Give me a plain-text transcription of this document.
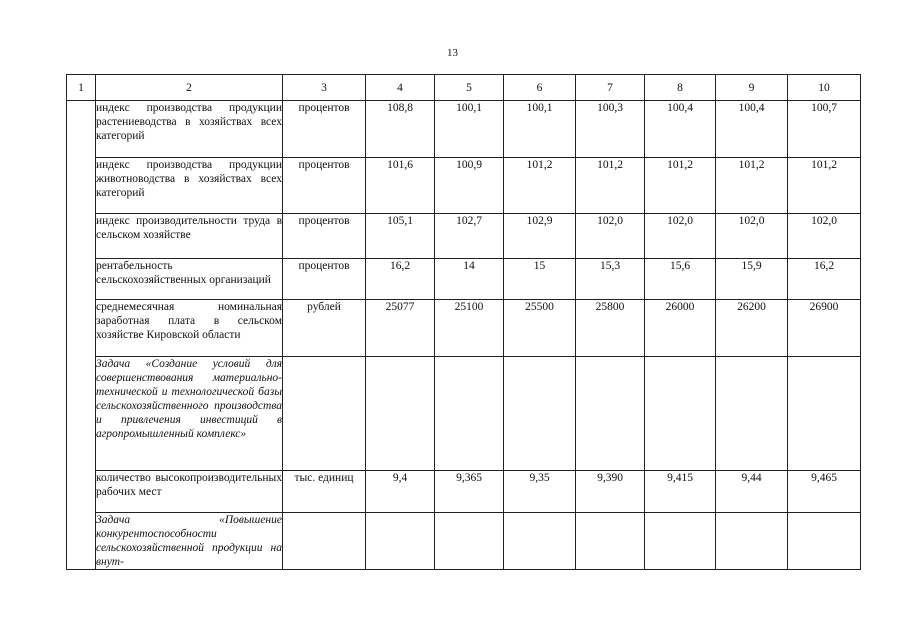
13
1	2	3	4	5	6	7	8	9	10
	индекс производства продукции растениеводства в хозяйствах всех категорий	процентов	108,8	100,1	100,1	100,3	100,4	100,4	100,7
	индекс производства продукции животноводства в хозяйствах всех категорий	процентов	101,6	100,9	101,2	101,2	101,2	101,2	101,2
	индекс производительности труда в сельском хозяйстве	процентов	105,1	102,7	102,9	102,0	102,0	102,0	102,0
	рентабельность сельскохозяйственных организаций	процентов	16,2	14	15	15,3	15,6	15,9	16,2
	среднемесячная номинальная заработная плата в сельском хозяйстве Кировской области	рублей	25077	25100	25500	25800	26000	26200	26900
	Задача «Создание условий для совершенствования материально-технической и технологической базы сельскохозяйственного производства и привлечения инвестиций в агропромышленный комплекс»								
	количество высокопроизводительных рабочих мест	тыс. единиц	9,4	9,365	9,35	9,390	9,415	9,44	9,465
	Задача «Повышение конкурентоспособности сельскохозяйственной продукции на внут-								
